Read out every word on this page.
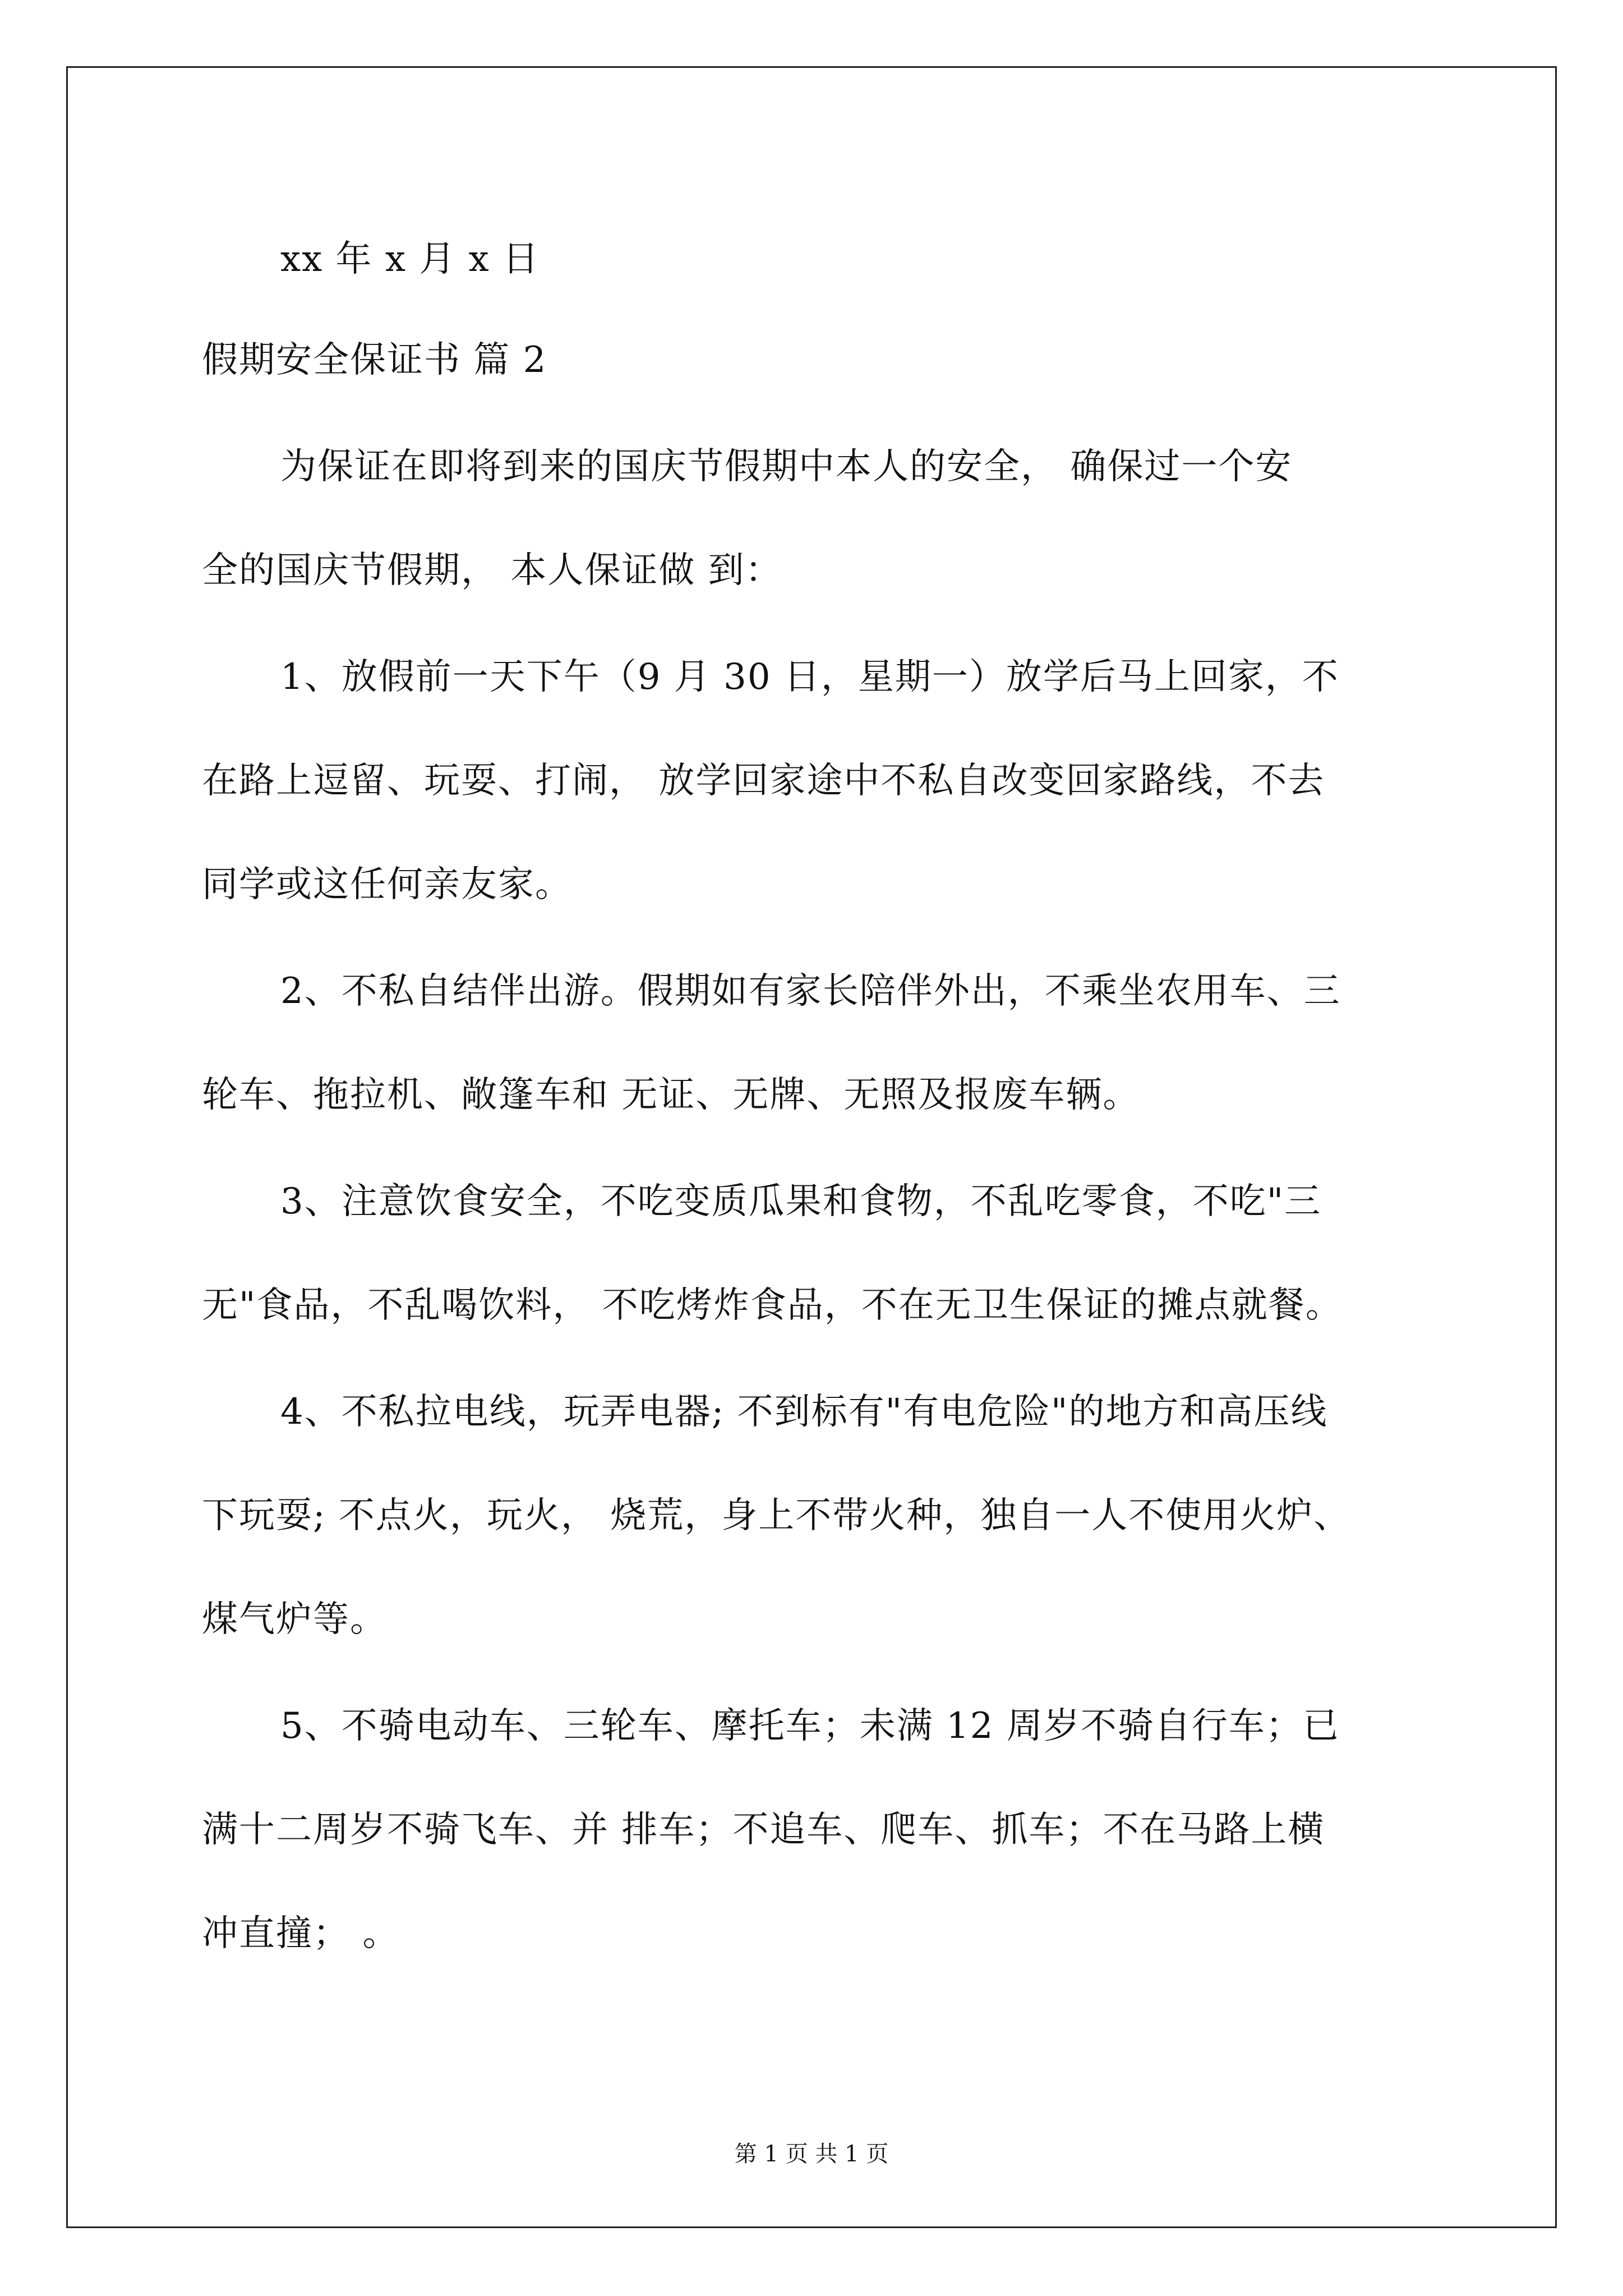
xx 年 x 月 x 日
假期安全保证书 篇 2
为保证在即将到来的国庆节假期中本人的安全， 确保过一个安
全的国庆节假期， 本人保证做 到：
1、放假前一天下午（9 月 30 日，星期一）放学后马上回家，不
在路上逗留、玩耍、打闹， 放学回家途中不私自改变回家路线，不去
同学或这任何亲友家。
2、不私自结伴出游。假期如有家长陪伴外出，不乘坐农用车、三
轮车、拖拉机、敞篷车和 无证、无牌、无照及报废车辆。
3、注意饮食安全，不吃变质瓜果和食物，不乱吃零食，不吃"三
无"食品，不乱喝饮料， 不吃烤炸食品，不在无卫生保证的摊点就餐。
4、不私拉电线，玩弄电器; 不到标有"有电危险"的地方和高压线
下玩耍; 不点火，玩火， 烧荒，身上不带火种，独自一人不使用火炉、
煤气炉等。
5、不骑电动车、三轮车、摩托车；未满 12 周岁不骑自行车；已
满十二周岁不骑飞车、并 排车；不追车、爬车、抓车；不在马路上横
冲直撞； 。
第 1 页 共 1 页
